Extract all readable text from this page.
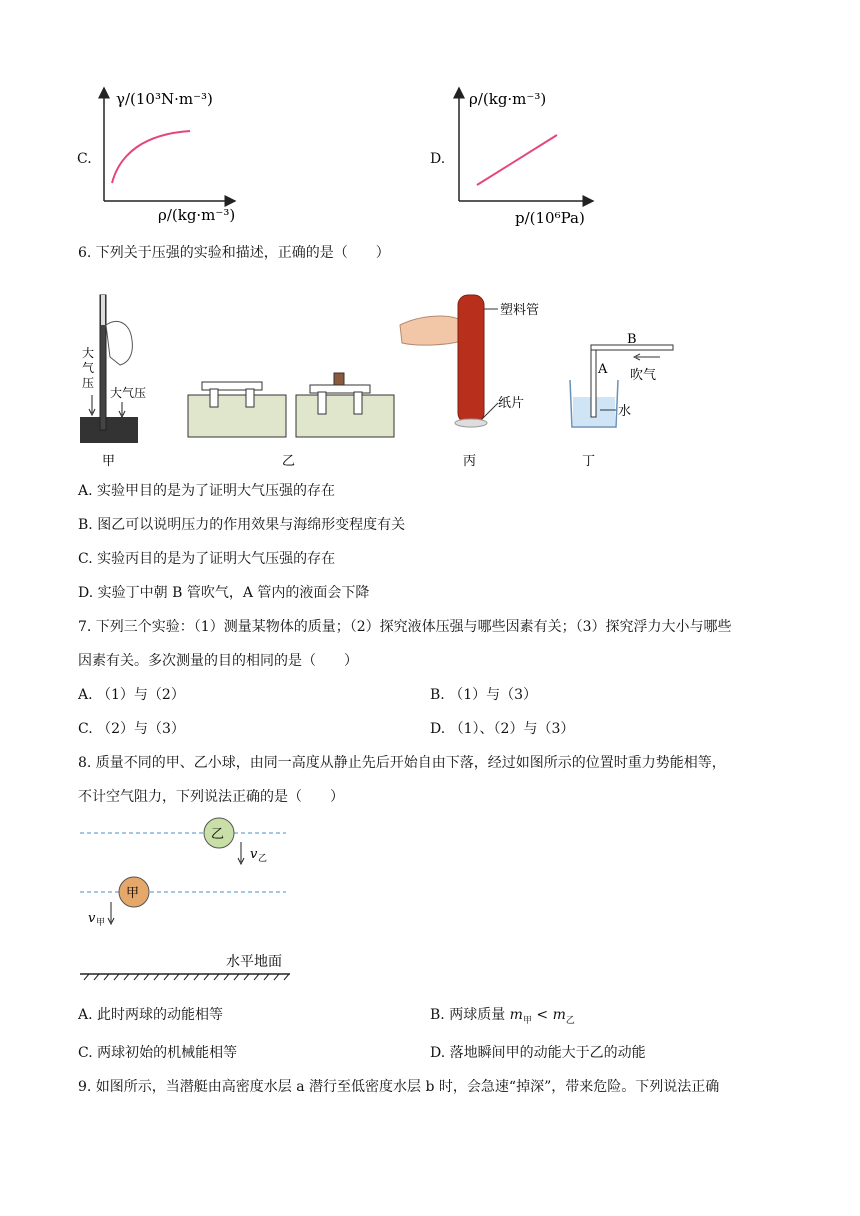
C.
γ/(10³N·m⁻³)
ρ/(kg·m⁻³)
D.
ρ/(kg·m⁻³)
p/(10⁶Pa)
6. 下列关于压强的实验和描述，正确的是（　　）
大气压
大气压
甲	乙
塑料管
纸片
丙
B
A 吹气
水
丁
A. 实验甲目的是为了证明大气压强的存在
B. 图乙可以说明压力的作用效果与海绵形变程度有关
C. 实验丙目的是为了证明大气压强的存在
D. 实验丁中朝 B 管吹气，A 管内的液面会下降
7. 下列三个实验：（1）测量某物体的质量；（2）探究液体压强与哪些因素有关；（3）探究浮力大小与哪些
因素有关。多次测量的目的相同的是（　　）
A. （1）与（2）	B. （1）与（3）
C. （2）与（3）	D. （1）、（2）与（3）
8. 质量不同的甲、乙小球，由同一高度从静止先后开始自由下落，经过如图所示的位置时重力势能相等，
不计空气阻力，下列说法正确的是（　　）
乙
v 乙
甲
v 甲
水平地面
A. 此时两球的动能相等	B. 两球质量 $m_甲 < m_乙$
C. 两球初始的机械能相等	D. 落地瞬间甲的动能大于乙的动能
9. 如图所示，当潜艇由高密度水层 a 潜行至低密度水层 b 时，会急速“掉深”，带来危险。下列说法正确
